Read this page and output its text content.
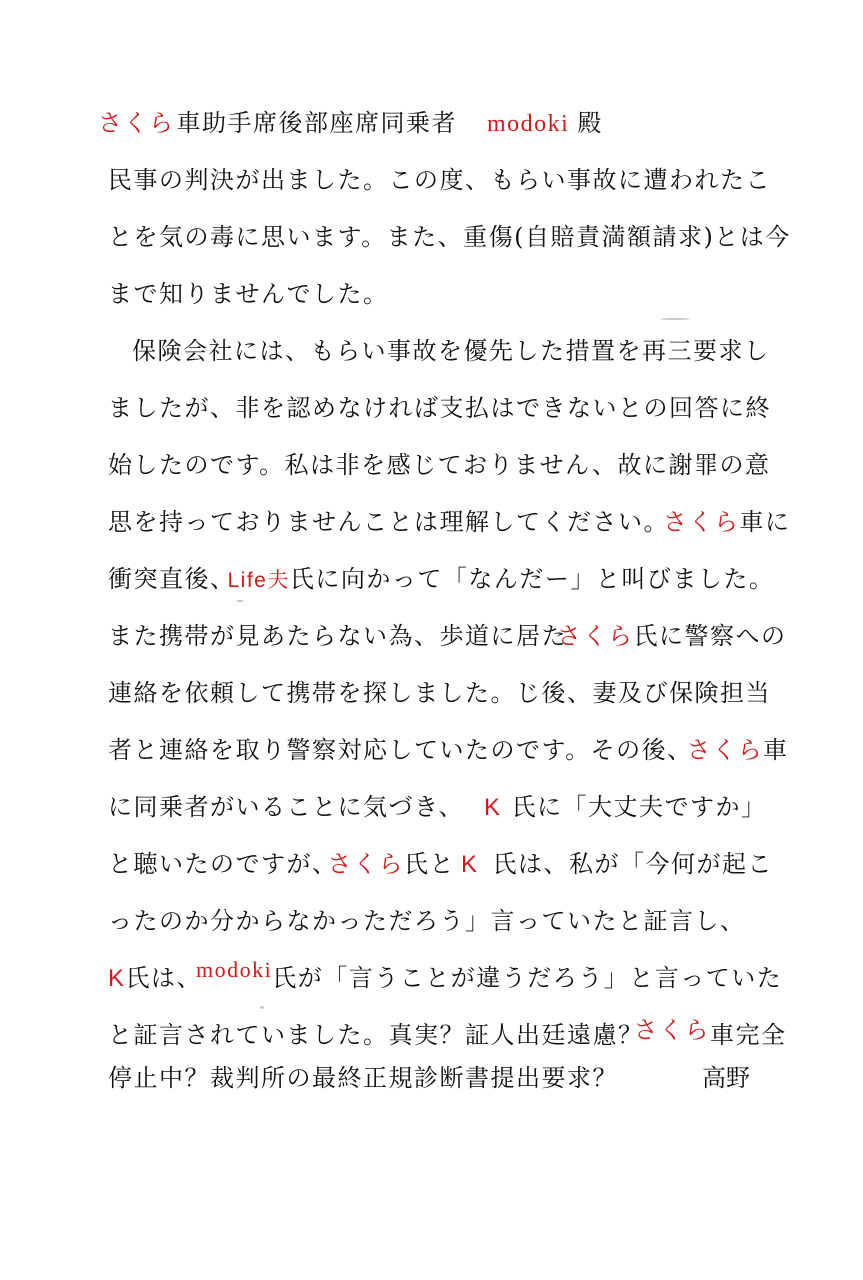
さくら車助手席後部座席同乗者 modoki 殿
民事の判決が出ました。この度、もらい事故に遭われたこ
とを気の毒に思います。また、重傷(自賠責満額請求)とは今
まで知りませんでした。
保険会社には、もらい事故を優先した措置を再三要求し
ましたが、非を認めなければ支払はできないとの回答に終
始したのです。私は非を感じておりません、故に謝罪の意
思を持っておりませんことは理解してください。さくら車に
衝突直後、Life夫氏に向かって「なんだー」と叫びました。
また携帯が見あたらない為、歩道に居たさくら氏に警察への
連絡を依頼して携帯を探しました。じ後、妻及び保険担当
者と連絡を取り警察対応していたのです。その後、さくら車
に同乗者がいることに気づき、 K 氏に「大丈夫ですか」
と聴いたのですが、さくら氏と K 氏は、私が「今何が起こ
ったのか分からなかっただろう」言っていたと証言し、
K氏は、modoki氏が「言うことが違うだろう」と言っていた
と証言されていました。真実？証人出廷遠慮？さくら車完全
停止中？裁判所の最終正規診断書提出要求？	高野
